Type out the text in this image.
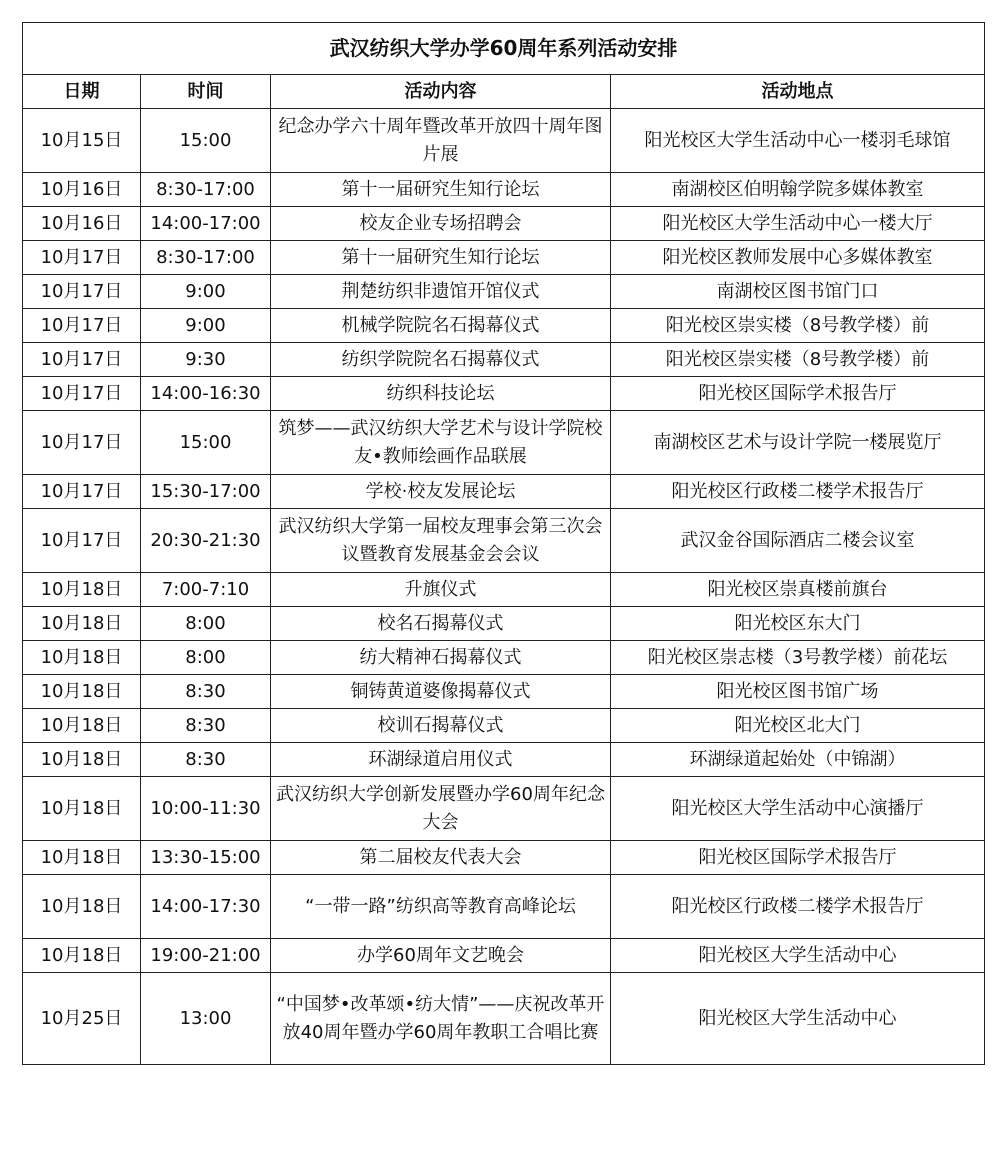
武汉纺织大学办学60周年系列活动安排
日期	时间	活动内容	活动地点
10月15日	15:00	纪念办学六十周年暨改革开放四十周年图片展	阳光校区大学生活动中心一楼羽毛球馆
10月16日	8:30-17:00	第十一届研究生知行论坛	南湖校区伯明翰学院多媒体教室
10月16日	14:00-17:00	校友企业专场招聘会	阳光校区大学生活动中心一楼大厅
10月17日	8:30-17:00	第十一届研究生知行论坛	阳光校区教师发展中心多媒体教室
10月17日	9:00	荆楚纺织非遗馆开馆仪式	南湖校区图书馆门口
10月17日	9:00	机械学院院名石揭幕仪式	阳光校区崇实楼（8号教学楼）前
10月17日	9:30	纺织学院院名石揭幕仪式	阳光校区崇实楼（8号教学楼）前
10月17日	14:00-16:30	纺织科技论坛	阳光校区国际学术报告厅
10月17日	15:00	筑梦——武汉纺织大学艺术与设计学院校友•教师绘画作品联展	南湖校区艺术与设计学院一楼展览厅
10月17日	15:30-17:00	学校·校友发展论坛	阳光校区行政楼二楼学术报告厅
10月17日	20:30-21:30	武汉纺织大学第一届校友理事会第三次会议暨教育发展基金会会议	武汉金谷国际酒店二楼会议室
10月18日	7:00-7:10	升旗仪式	阳光校区崇真楼前旗台
10月18日	8:00	校名石揭幕仪式	阳光校区东大门
10月18日	8:00	纺大精神石揭幕仪式	阳光校区崇志楼（3号教学楼）前花坛
10月18日	8:30	铜铸黄道婆像揭幕仪式	阳光校区图书馆广场
10月18日	8:30	校训石揭幕仪式	阳光校区北大门
10月18日	8:30	环湖绿道启用仪式	环湖绿道起始处（中锦湖）
10月18日	10:00-11:30	武汉纺织大学创新发展暨办学60周年纪念大会	阳光校区大学生活动中心演播厅
10月18日	13:30-15:00	第二届校友代表大会	阳光校区国际学术报告厅
10月18日	14:00-17:30	“一带一路”纺织高等教育高峰论坛	阳光校区行政楼二楼学术报告厅
10月18日	19:00-21:00	办学60周年文艺晚会	阳光校区大学生活动中心
10月25日	13:00	“中国梦•改革颂•纺大情”——庆祝改革开放40周年暨办学60周年教职工合唱比赛	阳光校区大学生活动中心
